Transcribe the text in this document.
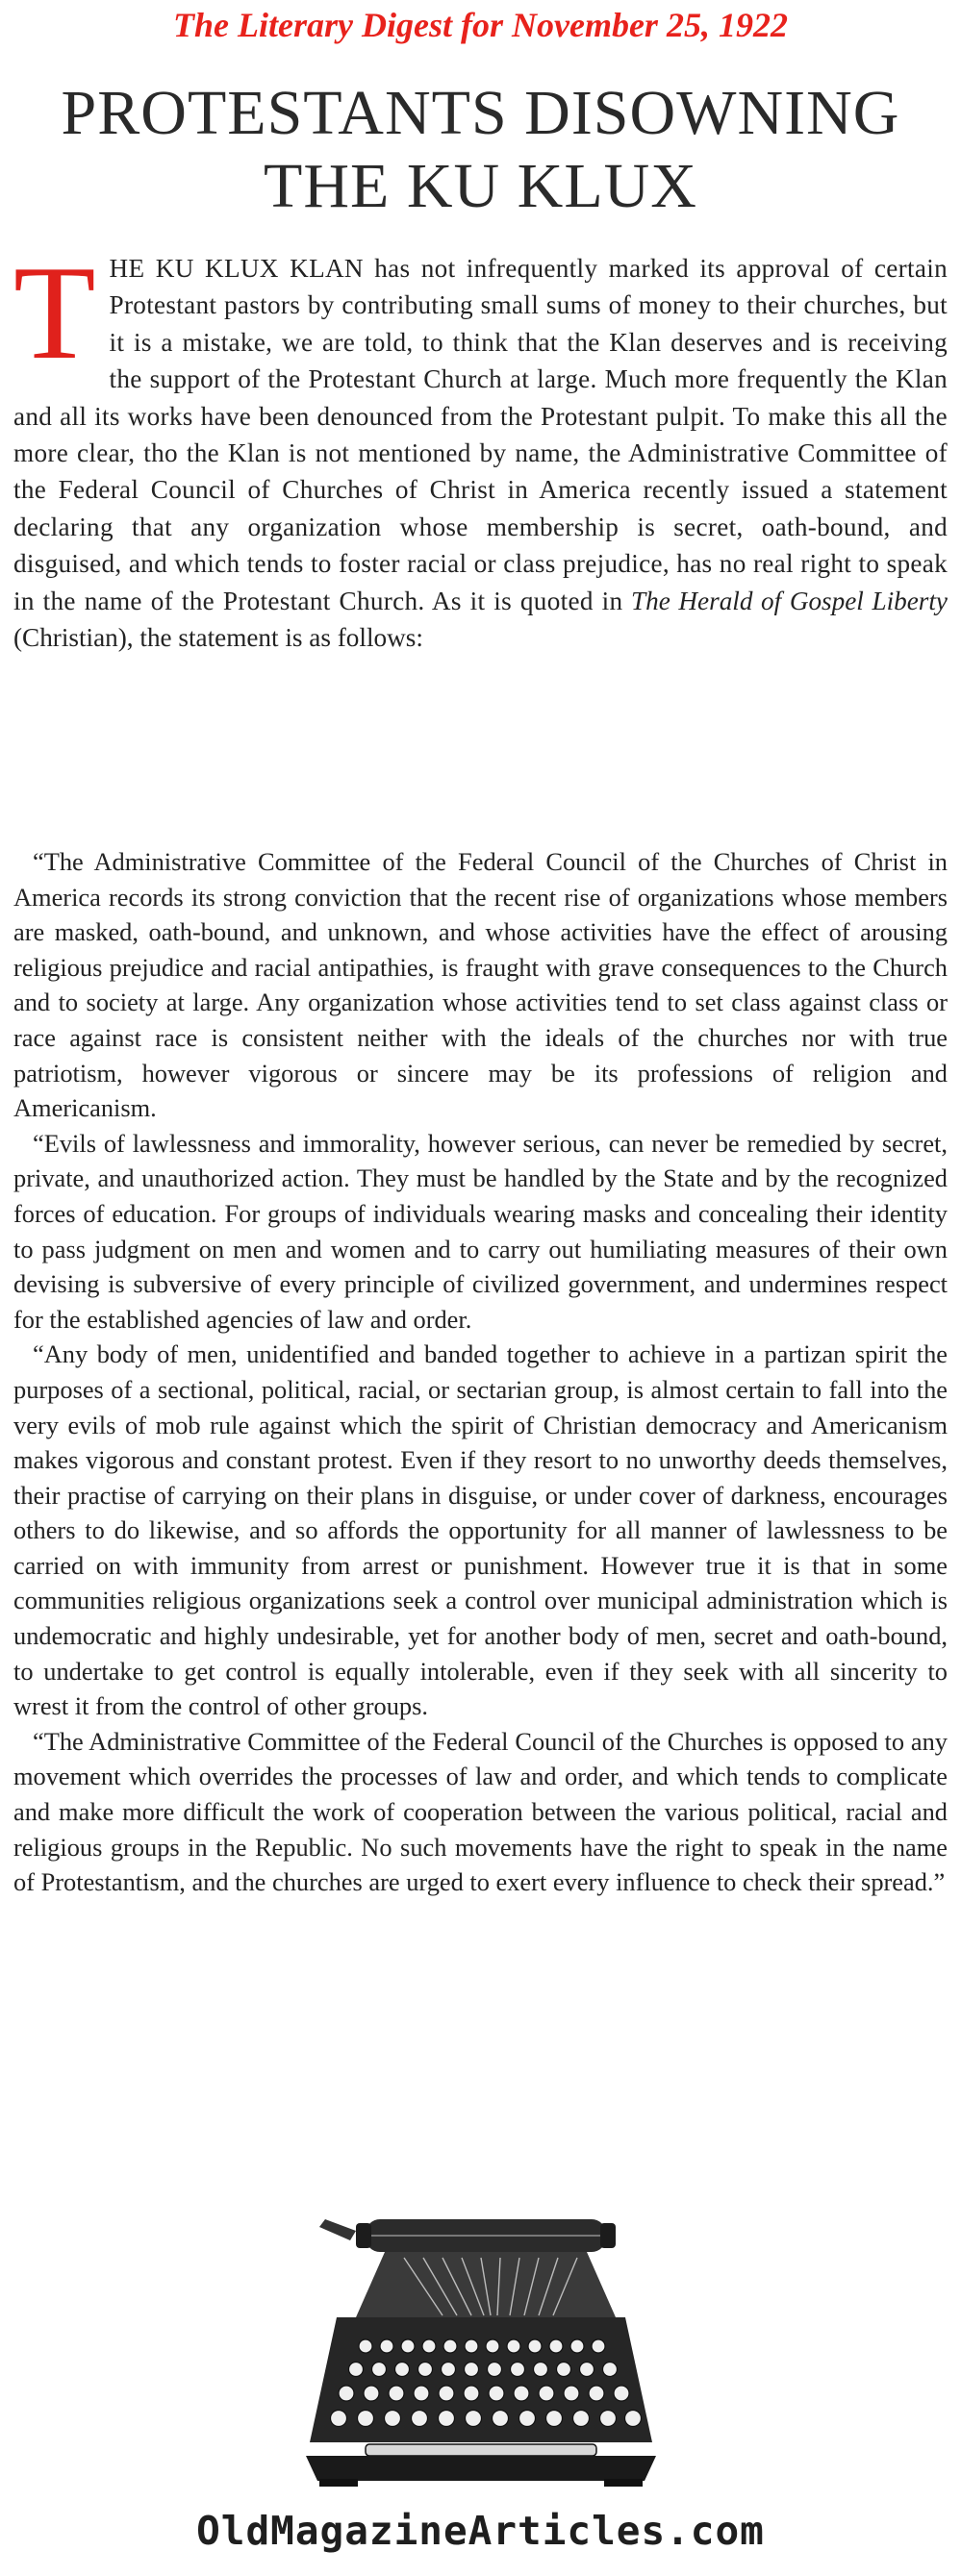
The Literary Digest for November 25, 1922
PROTESTANTS DISOWNING
THE KU KLUX
T HE KU KLUX KLAN has not infrequently marked its approval of certain Protestant pastors by contributing small sums of money to their churches, but it is a mistake, we are told, to think that the Klan deserves and is receiving the support of the Protestant Church at large. Much more frequently the Klan and all its works have been denounced from the Protestant pulpit. To make this all the more clear, tho the Klan is not mentioned by name, the Administrative Committee of the Federal Council of Churches of Christ in America recently issued a statement declaring that any organization whose membership is secret, oath-bound, and disguised, and which tends to foster racial or class prejudice, has no real right to speak in the name of the Protestant Church. As it is quoted in The Herald of Gospel Liberty (Christian), the statement is as follows:

“The Administrative Committee of the Federal Council of the Churches of Christ in America records its strong conviction that the recent rise of organizations whose members are masked, oath-bound, and unknown, and whose activities have the effect of arousing religious prejudice and racial antipathies, is fraught with grave consequences to the Church and to society at large. Any organization whose activities tend to set class against class or race against race is consistent neither with the ideals of the churches nor with true patriotism, however vigorous or sincere may be its professions of religion and Americanism.

“Evils of lawlessness and immorality, however serious, can never be remedied by secret, private, and unauthorized action. They must be handled by the State and by the recognized forces of education. For groups of individuals wearing masks and concealing their identity to pass judgment on men and women and to carry out humiliating measures of their own devising is subversive of every principle of civilized government, and undermines respect for the established agencies of law and order.

“Any body of men, unidentified and banded together to achieve in a partizan spirit the purposes of a sectional, political, racial, or sectarian group, is almost certain to fall into the very evils of mob rule against which the spirit of Christian democracy and Americanism makes vigorous and constant protest. Even if they resort to no unworthy deeds themselves, their practise of carrying on their plans in disguise, or under cover of darkness, encourages others to do likewise, and so affords the opportunity for all manner of lawlessness to be carried on with immunity from arrest or punishment. However true it is that in some communities religious organizations seek a control over municipal administration which is undemocratic and highly undesirable, yet for another body of men, secret and oath-bound, to undertake to get control is equally intolerable, even if they seek with all sincerity to wrest it from the control of other groups.

“The Administrative Committee of the Federal Council of the Churches is opposed to any movement which overrides the processes of law and order, and which tends to complicate and make more difficult the work of cooperation between the various political, racial and religious groups in the Republic. No such movements have the right to speak in the name of Protestantism, and the churches are urged to exert every influence to check their spread.”

OldMagazineArticles.com
